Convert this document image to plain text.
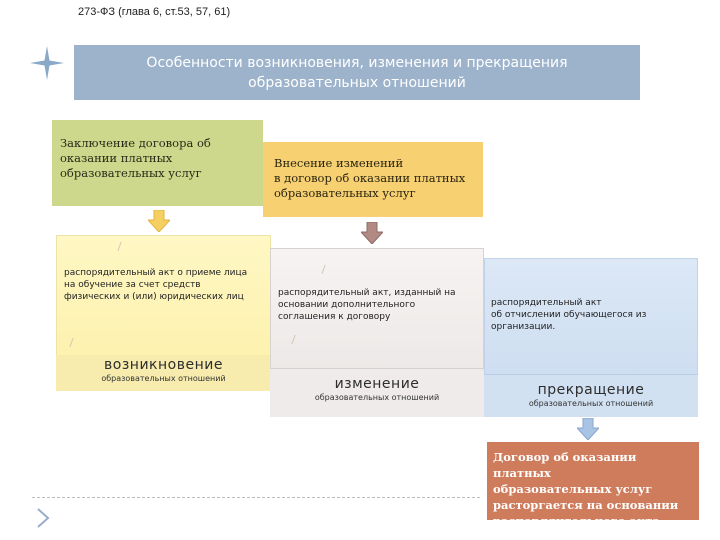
273-ФЗ (глава 6, ст.53, 57, 61)
Особенности возникновения, изменения и прекращения
образовательных отношений
Заключение договора об
оказании платных
образовательных услуг
Внесение изменений
в договор об оказании платных
образовательных услуг
распорядительный акт о приеме лица
на обучение за счет средств
физических и (или) юридических лиц
возникновение
образовательных отношений
распорядительный акт, изданный на
основании дополнительного
соглашения к договору
изменение
образовательных отношений
распорядительный акт
об отчислении обучающегося из
организации.
прекращение
образовательных отношений
Договор об оказании платных
образовательных услуг
расторгается на основании
распорядительного акта
